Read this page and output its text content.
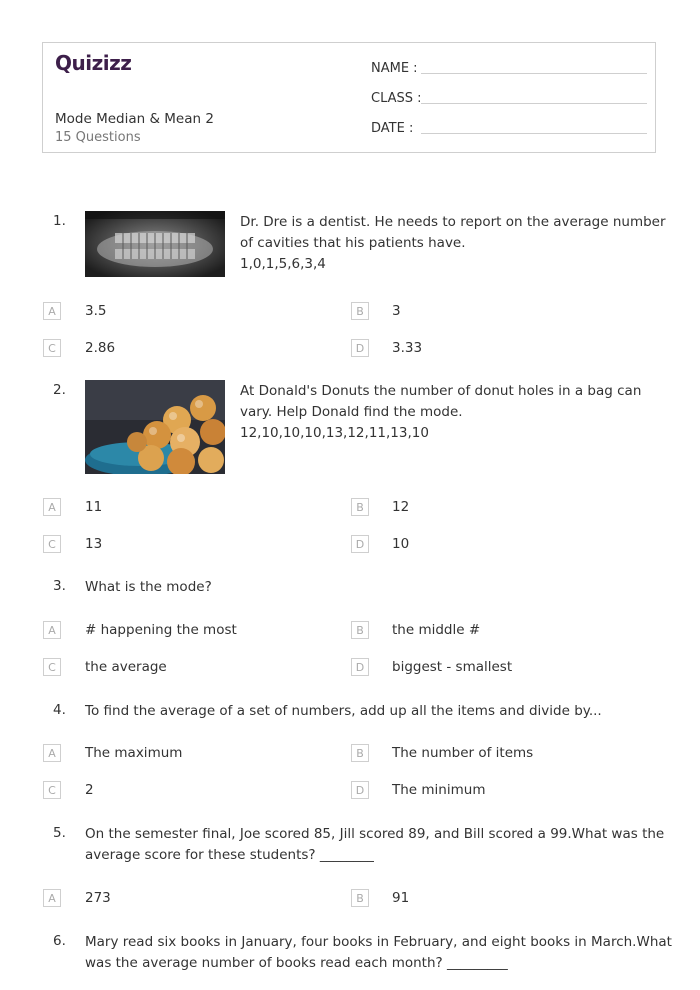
Quizizz
Mode Median & Mean 2
15 Questions
NAME :
CLASS :
DATE :
1.	Dr. Dre is a dentist. He needs to report on the average number
of cavities that his patients have.
1,0,1,5,6,3,4
A	3.5	B	3
C	2.86	D	3.33
2.	At Donald's Donuts the number of donut holes in a bag can
vary. Help Donald find the mode.
12,10,10,10,13,12,11,13,10
A	11	B	12
C	13	D	10
3. What is the mode?
A	# happening the most	B	the middle #
C	the average	D	biggest - smallest
4. To find the average of a set of numbers, add up all the items and divide by...
A	The maximum	B	The number of items
C	2	D	The minimum
5. On the semester final, Joe scored 85, Jill scored 89, and Bill scored a 99.What was the
average score for these students? ________
A	273	B	91
6. Mary read six books in January, four books in February, and eight books in March.What
was the average number of books read each month? _________
